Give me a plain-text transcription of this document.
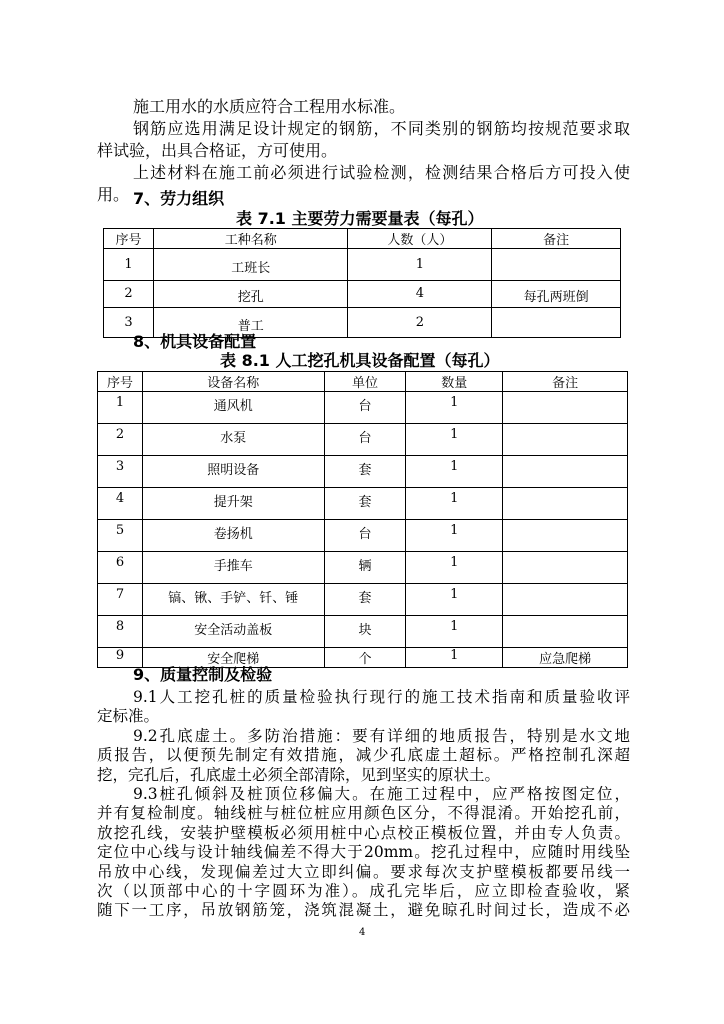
施工用水的水质应符合工程用水标准。
钢筋应选用满足设计规定的钢筋，不同类别的钢筋均按规范要求取
样试验，出具合格证，方可使用。
上述材料在施工前必须进行试验检测，检测结果合格后方可投入使
用。 7、劳力组织
表 7.1 主要劳力需要量表（每孔）
序号	工种名称	人数（人）	备注
1	工班长	1	
2	挖孔	4	每孔两班倒
3	普工	2	
8、机具设备配置
表 8.1 人工挖孔机具设备配置（每孔）
序号	设备名称	单位	数量	备注
1	通风机	台	1	
2	水泵	台	1	
3	照明设备	套	1	
4	提升架	套	1	
5	卷扬机	台	1	
6	手推车	辆	1	
7	镐、锹、手铲、钎、锤	套	1	
8	安全活动盖板	块	1	
9	安全爬梯	个	1	应急爬梯
9、质量控制及检验
9.1人工挖孔桩的质量检验执行现行的施工技术指南和质量验收评
定标准。
9.2孔底虚土。多防治措施：要有详细的地质报告，特别是水文地
质报告，以便预先制定有效措施，减少孔底虚土超标。严格控制孔深超
挖，完孔后，孔底虚土必须全部清除，见到坚实的原状土。
9.3桩孔倾斜及桩顶位移偏大。在施工过程中，应严格按图定位，
并有复检制度。轴线桩与桩位桩应用颜色区分，不得混淆。开始挖孔前，
放挖孔线，安装护壁模板必须用桩中心点校正模板位置，并由专人负责。
定位中心线与设计轴线偏差不得大于20mm。挖孔过程中，应随时用线坠
吊放中心线，发现偏差过大立即纠偏。要求每次支护壁模板都要吊线一
次（以顶部中心的十字圆环为准）。成孔完毕后，应立即检查验收，紧
随下一工序，吊放钢筋笼，浇筑混凝土，避免晾孔时间过长，造成不必
4
